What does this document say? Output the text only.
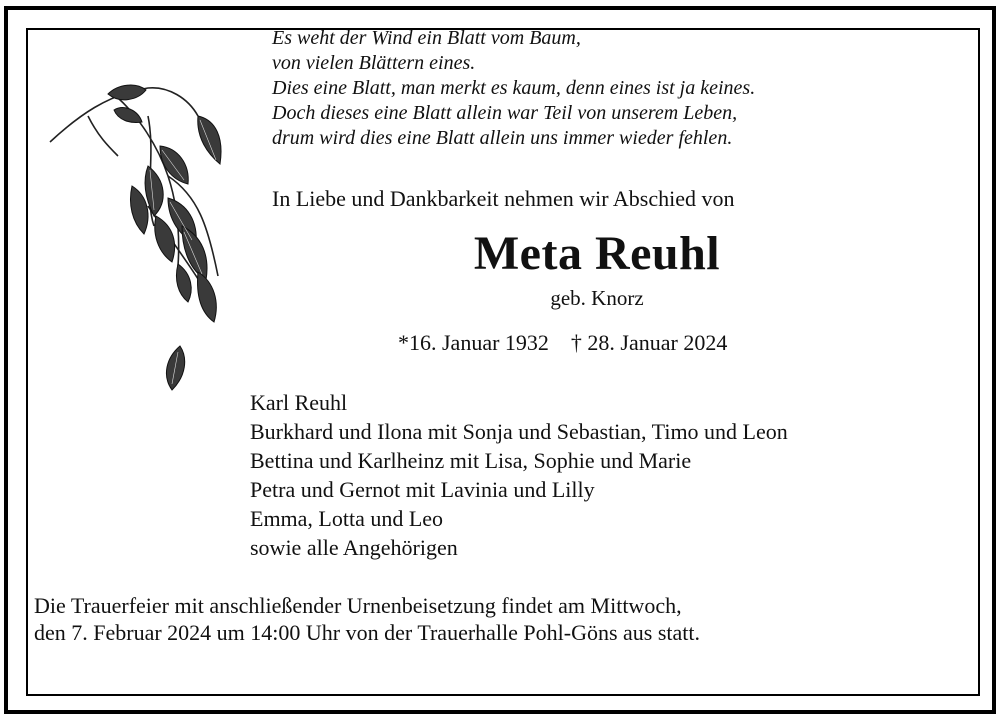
Es weht der Wind ein Blatt vom Baum,
von vielen Blättern eines.
Dies eine Blatt, man merkt es kaum, denn eines ist ja keines.
Doch dieses eine Blatt allein war Teil von unserem Leben,
drum wird dies eine Blatt allein uns immer wieder fehlen.
In Liebe und Dankbarkeit nehmen wir Abschied von
Meta Reuhl
geb. Knorz
*16. Januar 1932 † 28. Januar 2024
Karl Reuhl
Burkhard und Ilona mit Sonja und Sebastian, Timo und Leon
Bettina und Karlheinz mit Lisa, Sophie und Marie
Petra und Gernot mit Lavinia und Lilly
Emma, Lotta und Leo
sowie alle Angehörigen
Die Trauerfeier mit anschließender Urnenbeisetzung findet am Mittwoch,
den 7. Februar 2024 um 14:00 Uhr von der Trauerhalle Pohl-Göns aus statt.
